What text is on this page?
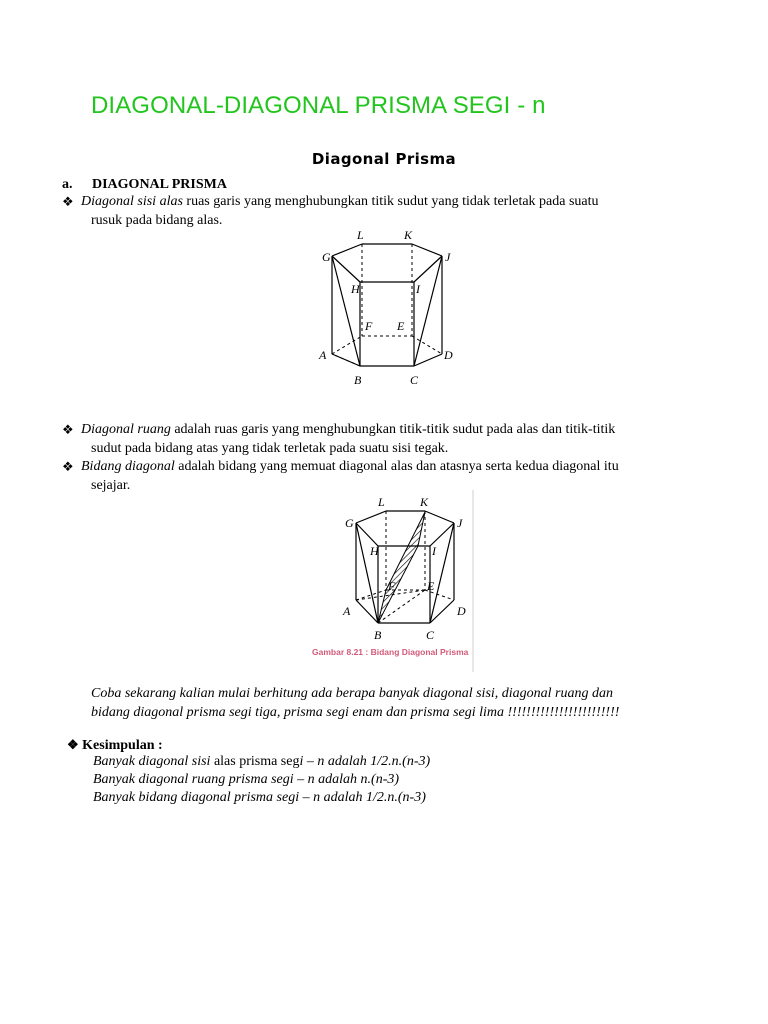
DIAGONAL-DIAGONAL PRISMA SEGI - n
Diagonal Prisma
a. DIAGONAL PRISMA
❖ Diagonal sisi alas ruas garis yang menghubungkan titik sudut yang tidak terletak pada suatu
rusuk pada bidang alas.
L	K
G	J
H	I
F E
A	D
B	C
❖ Diagonal ruang adalah ruas garis yang menghubungkan titik-titik sudut pada alas dan titik-titik
sudut pada bidang atas yang tidak terletak pada suatu sisi tegak.
❖ Bidang diagonal adalah bidang yang memuat diagonal alas dan atasnya serta kedua diagonal itu
sejajar.
L	K
G	J
H	I
F	E
A	D
B	C
Gambar 8.21 : Bidang Diagonal Prisma
Coba sekarang kalian mulai berhitung ada berapa banyak diagonal sisi, diagonal ruang dan
bidang diagonal prisma segi tiga, prisma segi enam dan prisma segi lima !!!!!!!!!!!!!!!!!!!!!!!!
❖ Kesimpulan :
Banyak diagonal sisi alas prisma segi – n adalah 1/2.n.(n-3)
Banyak diagonal ruang prisma segi – n adalah n.(n-3)
Banyak bidang diagonal prisma segi – n adalah 1/2.n.(n-3)
